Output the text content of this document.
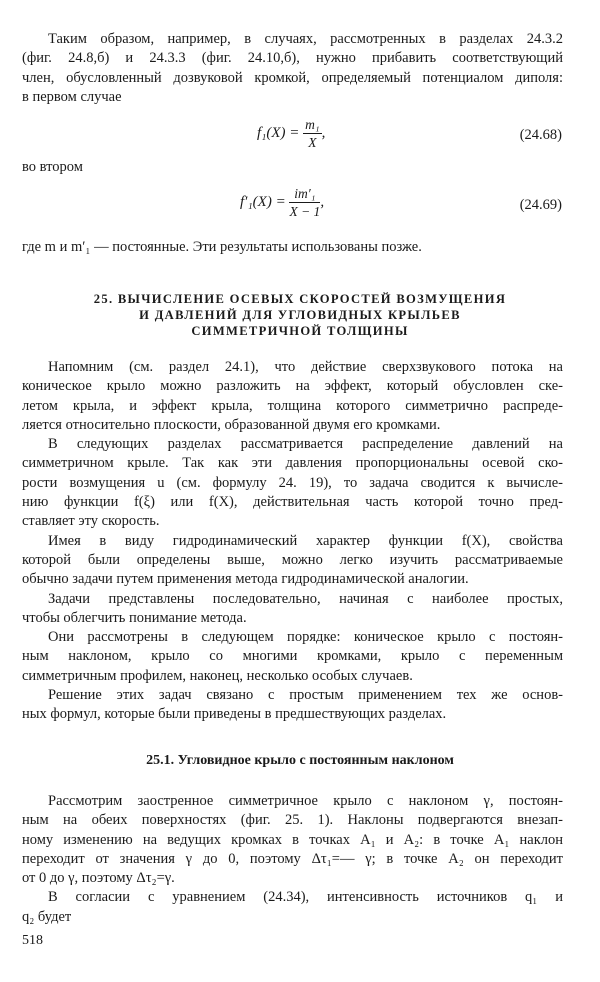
Таким образом, например, в случаях, рассмотренных в разделах 24.3.2
(фиг. 24.8,б) и 24.3.3 (фиг. 24.10,б), нужно прибавить соответствующий
член, обусловленный дозвуковой кромкой, определяемый потенциалом диполя:
в первом случае
$f_1(X) = \frac{\text{m₁}}{X}$ ,	(24.68)
во втором
$f'_1(X) = \frac{\text{im′₁}}{X - 1}$ ,	(24.69)
где m и m′₁ — постоянные. Эти результаты использованы позже.
25. ВЫЧИСЛЕНИЕ ОСЕВЫХ СКОРОСТЕЙ ВОЗМУЩЕНИЯ
И ДАВЛЕНИЙ ДЛЯ УГЛОВИДНЫХ КРЫЛЬЕВ
СИММЕТРИЧНОЙ ТОЛЩИНЫ
Напомним (см. раздел 24.1), что действие сверхзвукового потока на
коническое крыло можно разложить на эффект, который обусловлен ске-
летом крыла, и эффект крыла, толщина которого симметрично распреде-
ляется относительно плоскости, образованной двумя его кромками.
В следующих разделах рассматривается распределение давлений на
симметричном крыле. Так как эти давления пропорциональны осевой ско-
рости возмущения u (см. формулу 24. 19), то задача сводится к вычисле-
нию функции f(ξ) или f(X), действительная часть которой точно пред-
ставляет эту скорость.
Имея в виду гидродинамический характер функции f(X), свойства
которой были определены выше, можно легко изучить рассматриваемые
обычно задачи путем применения метода гидродинамической аналогии.
Задачи представлены последовательно, начиная с наиболее простых,
чтобы облегчить понимание метода.
Они рассмотрены в следующем порядке: коническое крыло с постоян-
ным наклоном, крыло со многими кромками, крыло с переменным
симметричным профилем, наконец, несколько особых случаев.
Решение этих задач связано с простым применением тех же основ-
ных формул, которые были приведены в предшествующих разделах.
25.1. Угловидное крыло с постоянным наклоном
Рассмотрим заостренное симметричное крыло с наклоном γ, постоян-
ным на обеих поверхностях (фиг. 25. 1). Наклоны подвергаются внезап-
ному изменению на ведущих кромках в точках A₁ и A₂: в точке A₁ наклон
переходит от значения γ до 0, поэтому Δτ₁=— γ; в точке A₂ он переходит
от 0 до γ, поэтому Δτ₂=γ.
В согласии с уравнением (24.34), интенсивность источников q₁ и
q₂ будет
518
